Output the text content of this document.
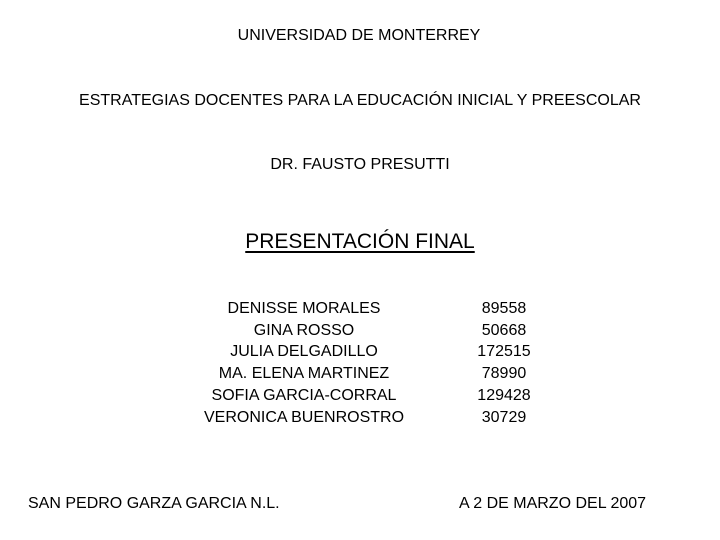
UNIVERSIDAD DE MONTERREY
ESTRATEGIAS DOCENTES PARA LA EDUCACIÓN INICIAL Y PREESCOLAR
DR. FAUSTO PRESUTTI
PRESENTACIÓN FINAL
DENISSE MORALES
GINA ROSSO
JULIA DELGADILLO
MA. ELENA MARTINEZ
SOFIA GARCIA-CORRAL
VERONICA BUENROSTRO
89558
50668
172515
78990
129428
30729
SAN PEDRO GARZA GARCIA N.L.	A 2 DE MARZO DEL 2007
